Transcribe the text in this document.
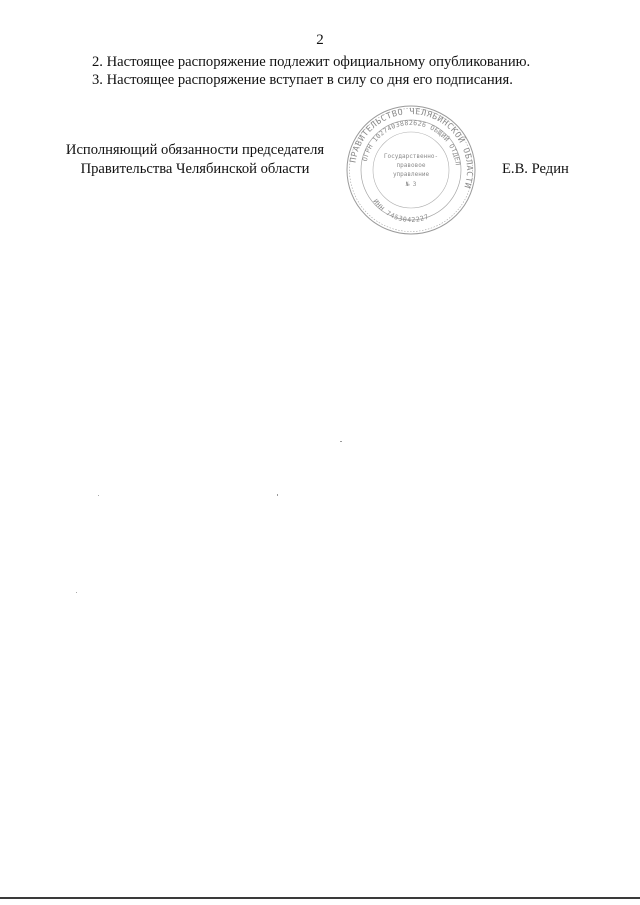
2
2. Настоящее распоряжение подлежит официальному опубликованию.
3. Настоящее распоряжение вступает в силу со дня его подписания.
Исполняющий обязанности председателя
Правительства Челябинской области
ПРАВИТЕЛЬСТВО ЧЕЛЯБИНСКОЙ ОБЛАСТИ
ОГРН 1027403882626 ОБЩИЙ ОТДЕЛ
ИНН 7453042227
Государственно-
правовое
управление
№ 3
Е.В. Редин
